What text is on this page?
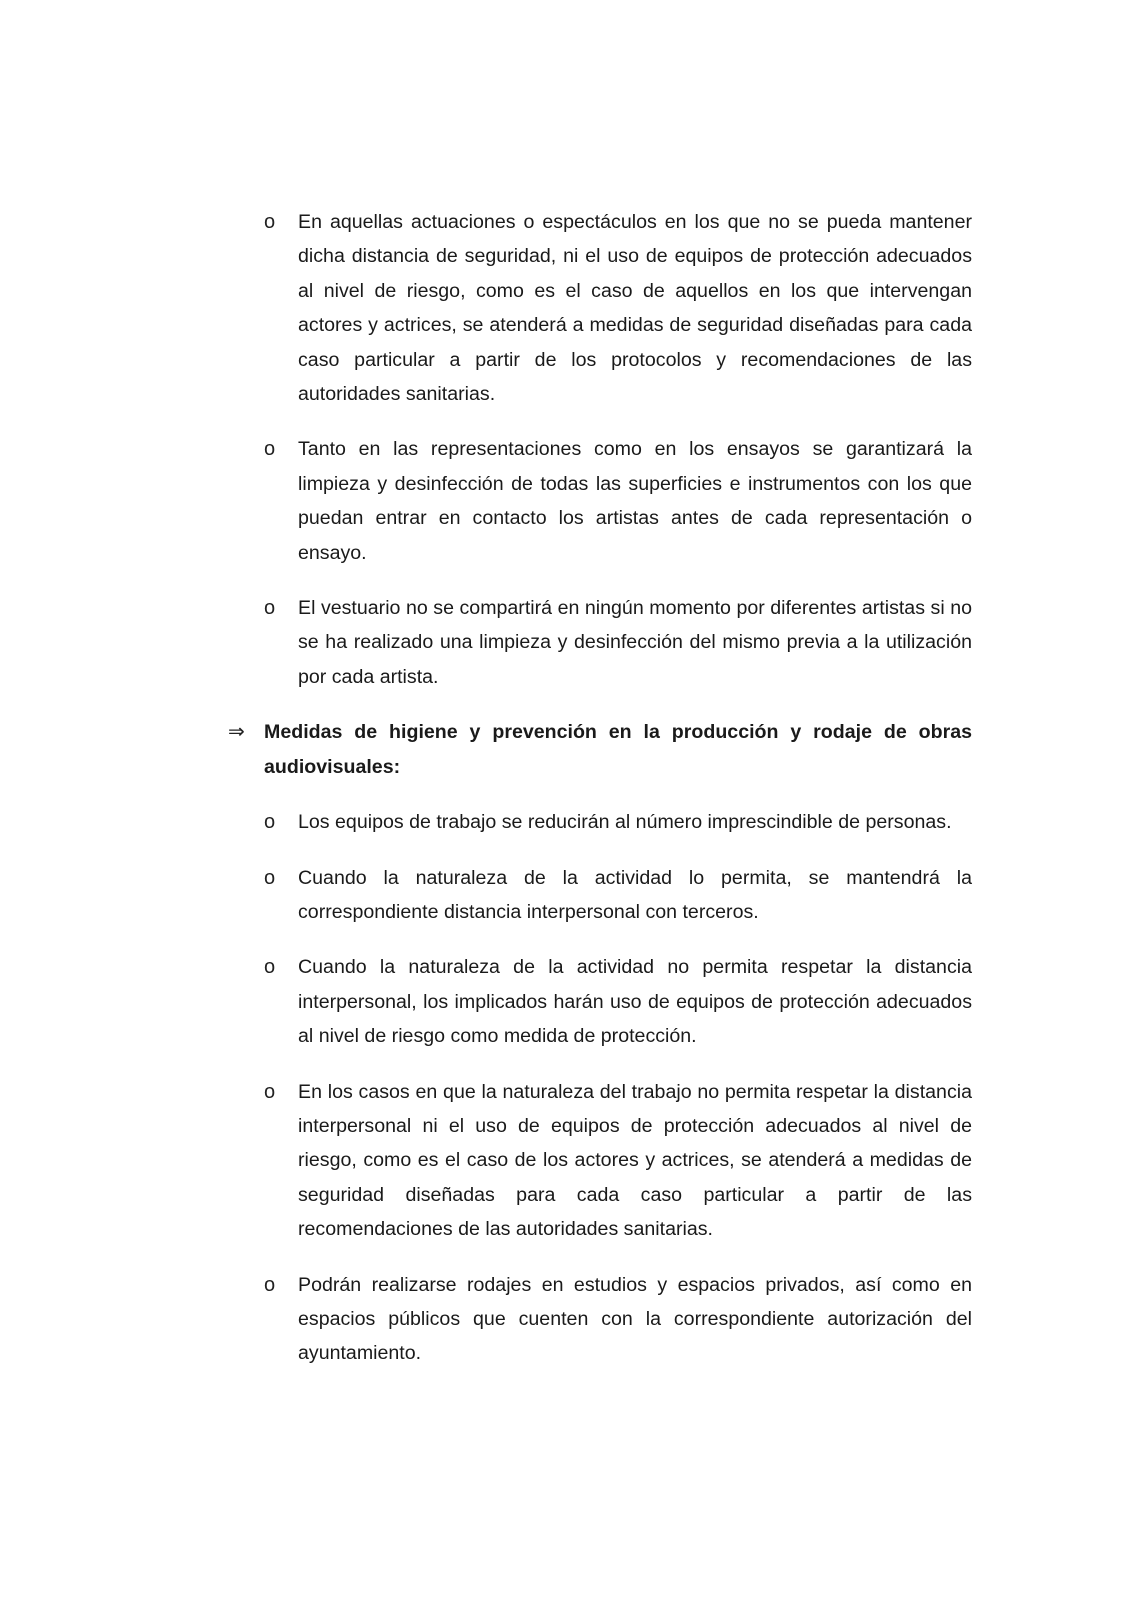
o En aquellas actuaciones o espectáculos en los que no se pueda mantener dicha distancia de seguridad, ni el uso de equipos de protección adecuados al nivel de riesgo, como es el caso de aquellos en los que intervengan actores y actrices, se atenderá a medidas de seguridad diseñadas para cada caso particular a partir de los protocolos y recomendaciones de las autoridades sanitarias.
o Tanto en las representaciones como en los ensayos se garantizará la limpieza y desinfección de todas las superficies e instrumentos con los que puedan entrar en contacto los artistas antes de cada representación o ensayo.
o El vestuario no se compartirá en ningún momento por diferentes artistas si no se ha realizado una limpieza y desinfección del mismo previa a la utilización por cada artista.
⇒ Medidas de higiene y prevención en la producción y rodaje de obras audiovisuales:
o Los equipos de trabajo se reducirán al número imprescindible de personas.
o Cuando la naturaleza de la actividad lo permita, se mantendrá la correspondiente distancia interpersonal con terceros.
o Cuando la naturaleza de la actividad no permita respetar la distancia interpersonal, los implicados harán uso de equipos de protección adecuados al nivel de riesgo como medida de protección.
o En los casos en que la naturaleza del trabajo no permita respetar la distancia interpersonal ni el uso de equipos de protección adecuados al nivel de riesgo, como es el caso de los actores y actrices, se atenderá a medidas de seguridad diseñadas para cada caso particular a partir de las recomendaciones de las autoridades sanitarias.
o Podrán realizarse rodajes en estudios y espacios privados, así como en espacios públicos que cuenten con la correspondiente autorización del ayuntamiento.
